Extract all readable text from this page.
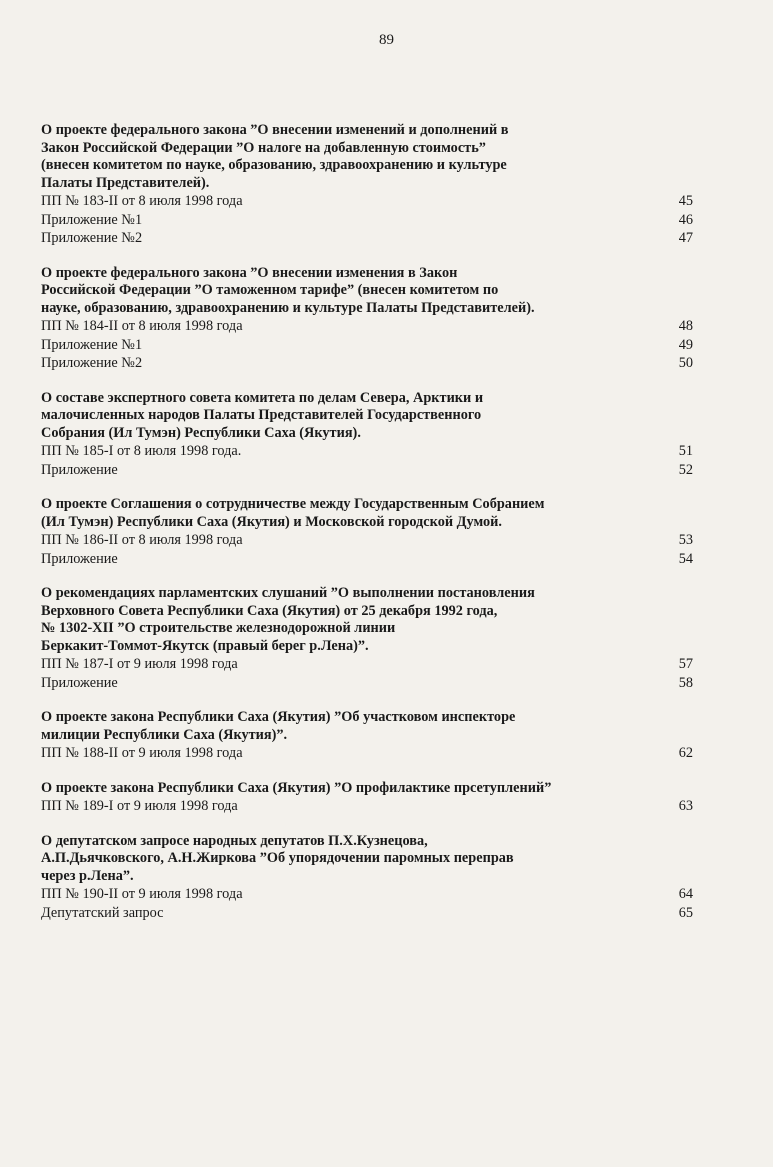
89

О проекте федерального закона ”О внесении изменений и дополнений в
Закон Российской Федерации ”О налоге на добавленную стоимость”
(внесен комитетом по науке, образованию, здравоохранению и культуре
Палаты Представителей).

ПП № 183-II от 8 июля 1998 года	45
Приложение №1	46
Приложение №2	47

О проекте федерального закона ”О внесении изменения в Закон
Российской Федерации ”О таможенном тарифе” (внесен комитетом по
науке, образованию, здравоохранению и культуре Палаты Представителей).

ПП № 184-II от 8 июля 1998 года	48
Приложение №1	49
Приложение №2	50

О составе экспертного совета комитета по делам Севера, Арктики и
малочисленных народов Палаты Представителей Государственного
Собрания (Ил Тумэн) Республики Саха (Якутия).

ПП № 185-I от 8 июля 1998 года.	51
Приложение	52

О проекте Соглашения о сотрудничестве между Государственным Собранием
(Ил Тумэн) Республики Саха (Якутия) и Московской городской Думой.

ПП № 186-II от 8 июля 1998 года	53
Приложение	54

О рекомендациях парламентских слушаний ”О выполнении постановления
Верховного Совета Республики Саха (Якутия) от 25 декабря 1992 года,
№ 1302-XII ”О строительстве железнодорожной линии
Беркакит-Томмот-Якутск (правый берег р.Лена)”.

ПП № 187-I от 9 июля 1998 года	57
Приложение	58

О проекте закона Республики Саха (Якутия) ”Об участковом инспекторе
милиции Республики Саха (Якутия)”.

ПП № 188-II от 9 июля 1998 года	62

О проекте закона Республики Саха (Якутия) ”О профилактике прсетуплений”

ПП № 189-I от 9 июля 1998 года	63

О депутатском запросе народных депутатов П.Х.Кузнецова,
А.П.Дьячковского, А.Н.Жиркова ”Об упорядочении паромных переправ
через р.Лена”.

ПП № 190-II от 9 июля 1998 года	64
Депутатский запрос	65
